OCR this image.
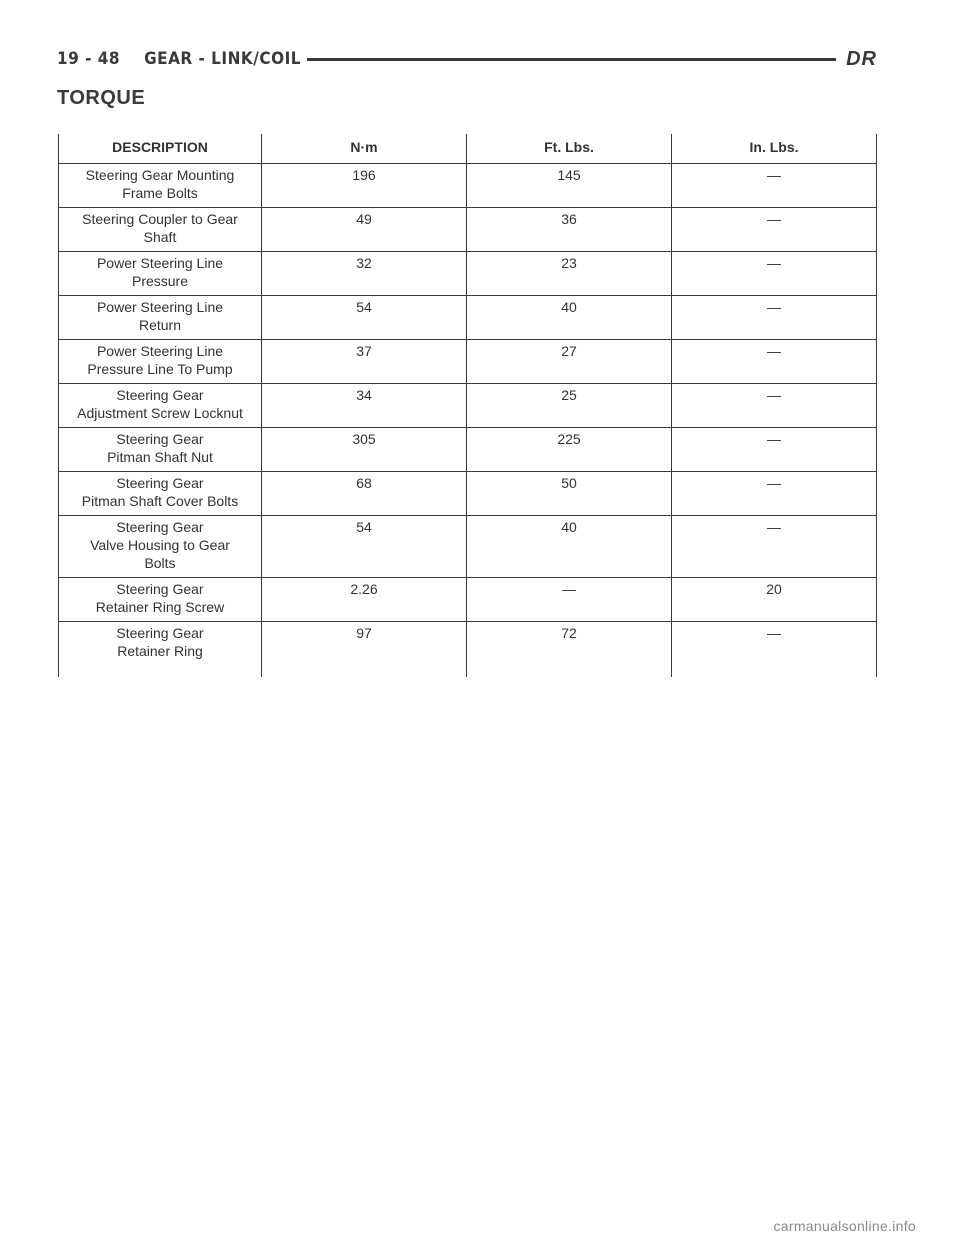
19 - 48 GEAR - LINK/COIL	DR
TORQUE
DESCRIPTION	N·m	Ft. Lbs.	In. Lbs.
Steering Gear Mounting
Frame Bolts	196	145	—
Steering Coupler to Gear
Shaft	49	36	—
Power Steering Line
Pressure	32	23	—
Power Steering Line
Return	54	40	—
Power Steering Line
Pressure Line To Pump	37	27	—
Steering Gear
Adjustment Screw Locknut	34	25	—
Steering Gear
Pitman Shaft Nut	305	225	—
Steering Gear
Pitman Shaft Cover Bolts	68	50	—
Steering Gear
Valve Housing to Gear
Bolts	54	40	—
Steering Gear
Retainer Ring Screw	2.26	—	20
Steering Gear
Retainer Ring	97	72	—
carmanualsonline.info
